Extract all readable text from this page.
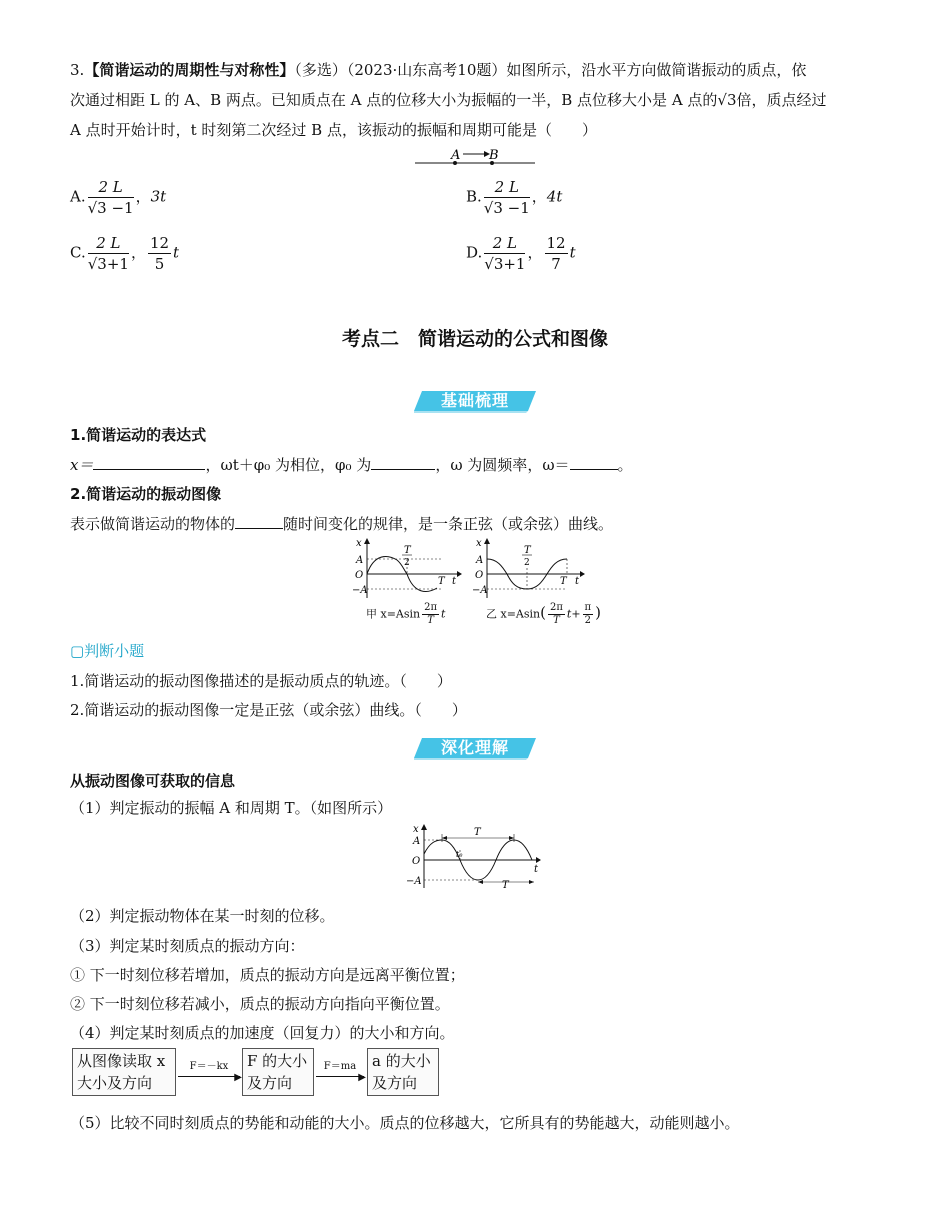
3.【简谐运动的周期性与对称性】（多选）（2023·山东高考10题）如图所示，沿水平方向做简谐振动的质点，依
次通过相距 L 的 A、B 两点。已知质点在 A 点的位移大小为振幅的一半，B 点位移大小是 A 点的√3倍，质点经过
A 点时开始计时，t 时刻第二次经过 B 点，该振动的振幅和周期可能是（　　）
A B
A. $\frac{2 L}{√3 -1}$ ，3t	B. $\frac{2 L}{√3 -1}$ ，4t
C. $\frac{2 L}{√3+1}$ ， $\frac{12}{5}$ t	D. $\frac{2 L}{√3+1}$ ， $\frac{12}{7}$ t
考点二　简谐运动的公式和图像
基础梳理
1.简谐运动的表达式
x＝	，ωt＋φ₀ 为相位，φ₀ 为	，ω 为圆频率，ω＝	。
2.简谐运动的振动图像
表示做简谐运动的物体的	随时间变化的规律，是一条正弦（或余弦）曲线。
x
A
O
−A
T
2
T t
甲 $x=Asin \frac{2\pi}{T}$ t
x
A
O
−A
T
2
T t
乙 $x=Asin( \frac{2\pi}{T} t+ \frac{\pi}{2}$ )
▢判断小题
1.简谐运动的振动图像描述的是振动质点的轨迹。（　　）
2.简谐运动的振动图像一定是正弦（或余弦）曲线。（　　）
深化理解
从振动图像可获取的信息
（1）判定振动的振幅 A 和周期 T。（如图所示）
x
A
O
−A
T
T
t₀
t
（2）判定振动物体在某一时刻的位移。
（3）判定某时刻质点的振动方向：
① 下一时刻位移若增加，质点的振动方向是远离平衡位置；
② 下一时刻位移若减小，质点的振动方向指向平衡位置。
（4）判定某时刻质点的加速度（回复力）的大小和方向。
从图像读取 x
大小及方向
F＝－kx
▶
F 的大小
及方向
F＝ma
▶
a 的大小
及方向
（5）比较不同时刻质点的势能和动能的大小。质点的位移越大，它所具有的势能越大，动能则越小。
